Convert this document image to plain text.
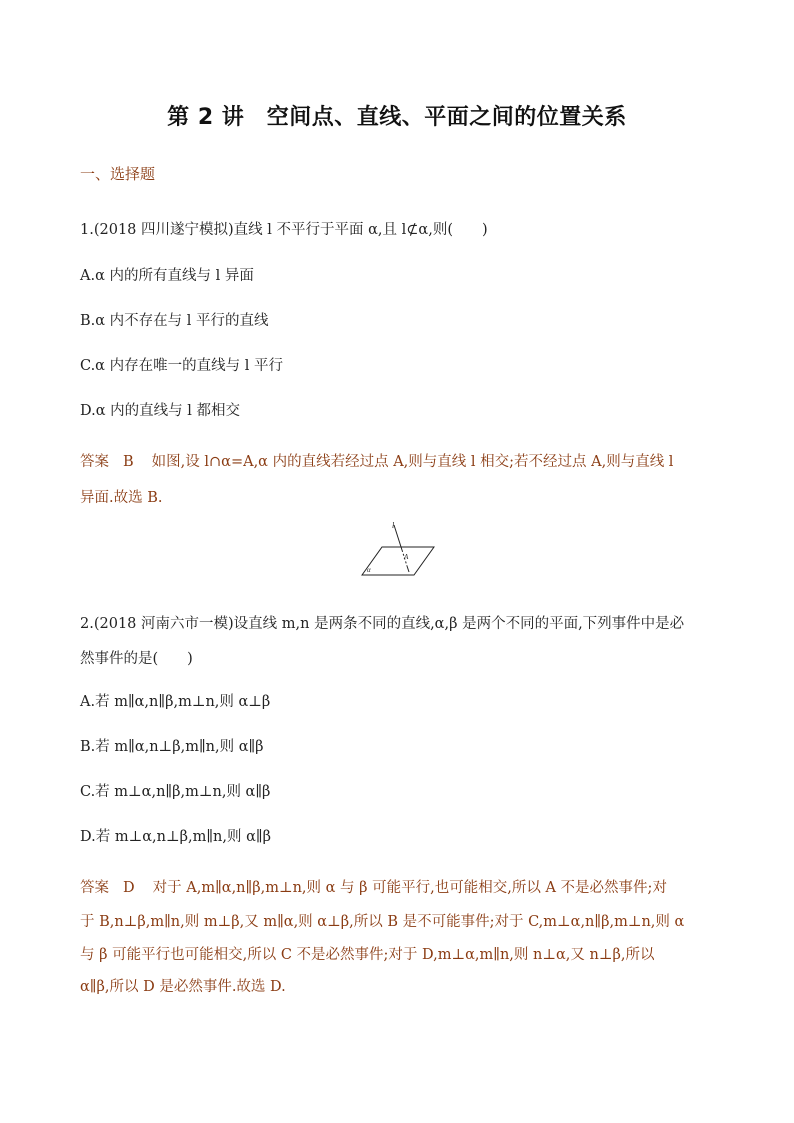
第 2 讲　空间点、直线、平面之间的位置关系
一、选择题
1.(2018 四川遂宁模拟)直线 l 不平行于平面 α,且 l⊄α,则(　　)
A.α 内的所有直线与 l 异面
B.α 内不存在与 l 平行的直线
C.α 内存在唯一的直线与 l 平行
D.α 内的直线与 l 都相交
答案 B 如图,设 l∩α=A,α 内的直线若经过点 A,则与直线 l 相交;若不经过点 A,则与直线 l
异面.故选 B.
l
A
α
2.(2018 河南六市一模)设直线 m,n 是两条不同的直线,α,β 是两个不同的平面,下列事件中是必
然事件的是(　　)
A.若 m∥α,n∥β,m⊥n,则 α⊥β
B.若 m∥α,n⊥β,m∥n,则 α∥β
C.若 m⊥α,n∥β,m⊥n,则 α∥β
D.若 m⊥α,n⊥β,m∥n,则 α∥β
答案 D 对于 A,m∥α,n∥β,m⊥n,则 α 与 β 可能平行,也可能相交,所以 A 不是必然事件;对
于 B,n⊥β,m∥n,则 m⊥β,又 m∥α,则 α⊥β,所以 B 是不可能事件;对于 C,m⊥α,n∥β,m⊥n,则 α
与 β 可能平行也可能相交,所以 C 不是必然事件;对于 D,m⊥α,m∥n,则 n⊥α,又 n⊥β,所以
α∥β,所以 D 是必然事件.故选 D.
